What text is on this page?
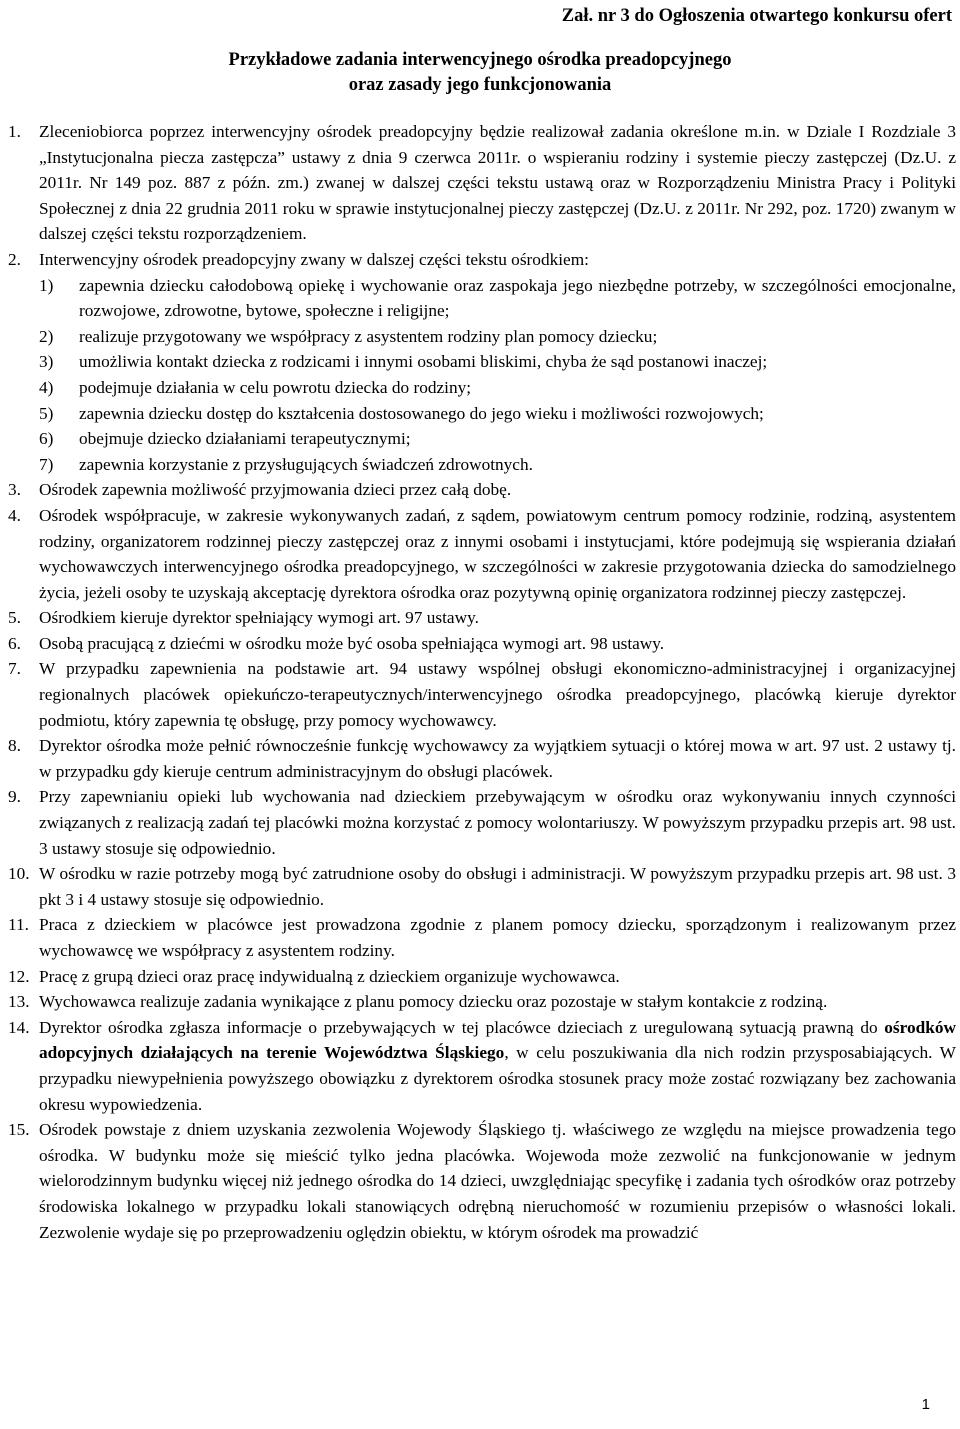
Zał. nr 3 do Ogłoszenia otwartego konkursu ofert
Przykładowe zadania interwencyjnego ośrodka preadopcyjnego
oraz zasady jego funkcjonowania
1. Zleceniobiorca poprzez interwencyjny ośrodek preadopcyjny będzie realizował zadania określone m.in. w Dziale I Rozdziale 3 „Instytucjonalna piecza zastępcza” ustawy z dnia 9 czerwca 2011r. o wspieraniu rodziny i systemie pieczy zastępczej (Dz.U. z 2011r. Nr 149 poz. 887 z późn. zm.) zwanej w dalszej części tekstu ustawą oraz w Rozporządzeniu Ministra Pracy i Polityki Społecznej z dnia 22 grudnia 2011 roku w sprawie instytucjonalnej pieczy zastępczej (Dz.U. z 2011r. Nr 292, poz. 1720) zwanym w dalszej części tekstu rozporządzeniem.
2. Interwencyjny ośrodek preadopcyjny zwany w dalszej części tekstu ośrodkiem:
1) zapewnia dziecku całodobową opiekę i wychowanie oraz zaspokaja jego niezbędne potrzeby, w szczególności emocjonalne, rozwojowe, zdrowotne, bytowe, społeczne i religijne;
2) realizuje przygotowany we współpracy z asystentem rodziny plan pomocy dziecku;
3) umożliwia kontakt dziecka z rodzicami i innymi osobami bliskimi, chyba że sąd postanowi inaczej;
4) podejmuje działania w celu powrotu dziecka do rodziny;
5) zapewnia dziecku dostęp do kształcenia dostosowanego do jego wieku i możliwości rozwojowych;
6) obejmuje dziecko działaniami terapeutycznymi;
7) zapewnia korzystanie z przysługujących świadczeń zdrowotnych.
3. Ośrodek zapewnia możliwość przyjmowania dzieci przez całą dobę.
4. Ośrodek współpracuje, w zakresie wykonywanych zadań, z sądem, powiatowym centrum pomocy rodzinie, rodziną, asystentem rodziny, organizatorem rodzinnej pieczy zastępczej oraz z innymi osobami i instytucjami, które podejmują się wspierania działań wychowawczych interwencyjnego ośrodka preadopcyjnego, w szczególności w zakresie przygotowania dziecka do samodzielnego życia, jeżeli osoby te uzyskają akceptację dyrektora ośrodka oraz pozytywną opinię organizatora rodzinnej pieczy zastępczej.
5. Ośrodkiem kieruje dyrektor spełniający wymogi art. 97 ustawy.
6. Osobą pracującą z dziećmi w ośrodku może być osoba spełniająca wymogi art. 98 ustawy.
7. W przypadku zapewnienia na podstawie art. 94 ustawy wspólnej obsługi ekonomiczno-administracyjnej i organizacyjnej regionalnych placówek opiekuńczo-terapeutycznych/interwencyjnego ośrodka preadopcyjnego, placówką kieruje dyrektor podmiotu, który zapewnia tę obsługę, przy pomocy wychowawcy.
8. Dyrektor ośrodka może pełnić równocześnie funkcję wychowawcy za wyjątkiem sytuacji o której mowa w art. 97 ust. 2 ustawy tj. w przypadku gdy kieruje centrum administracyjnym do obsługi placówek.
9. Przy zapewnianiu opieki lub wychowania nad dzieckiem przebywającym w ośrodku oraz wykonywaniu innych czynności związanych z realizacją zadań tej placówki można korzystać z pomocy wolontariuszy. W powyższym przypadku przepis art. 98 ust. 3 ustawy stosuje się odpowiednio.
10. W ośrodku w razie potrzeby mogą być zatrudnione osoby do obsługi i administracji. W powyższym przypadku przepis art. 98 ust. 3 pkt 3 i 4 ustawy stosuje się odpowiednio.
11. Praca z dzieckiem w placówce jest prowadzona zgodnie z planem pomocy dziecku, sporządzonym i realizowanym przez wychowawcę we współpracy z asystentem rodziny.
12. Pracę z grupą dzieci oraz pracę indywidualną z dzieckiem organizuje wychowawca.
13. Wychowawca realizuje zadania wynikające z planu pomocy dziecku oraz pozostaje w stałym kontakcie z rodziną.
14. Dyrektor ośrodka zgłasza informacje o przebywających w tej placówce dzieciach z uregulowaną sytuacją prawną do ośrodków adopcyjnych działających na terenie Województwa Śląskiego, w celu poszukiwania dla nich rodzin przysposabiających. W przypadku niewypełnienia powyższego obowiązku z dyrektorem ośrodka stosunek pracy może zostać rozwiązany bez zachowania okresu wypowiedzenia.
15. Ośrodek powstaje z dniem uzyskania zezwolenia Wojewody Śląskiego tj. właściwego ze względu na miejsce prowadzenia tego ośrodka. W budynku może się mieścić tylko jedna placówka. Wojewoda może zezwolić na funkcjonowanie w jednym wielorodzinnym budynku więcej niż jednego ośrodka do 14 dzieci, uwzględniając specyfikę i zadania tych ośrodków oraz potrzeby środowiska lokalnego w przypadku lokali stanowiących odrębną nieruchomość w rozumieniu przepisów o własności lokali. Zezwolenie wydaje się po przeprowadzeniu oględzin obiektu, w którym ośrodek ma prowadzić
1
